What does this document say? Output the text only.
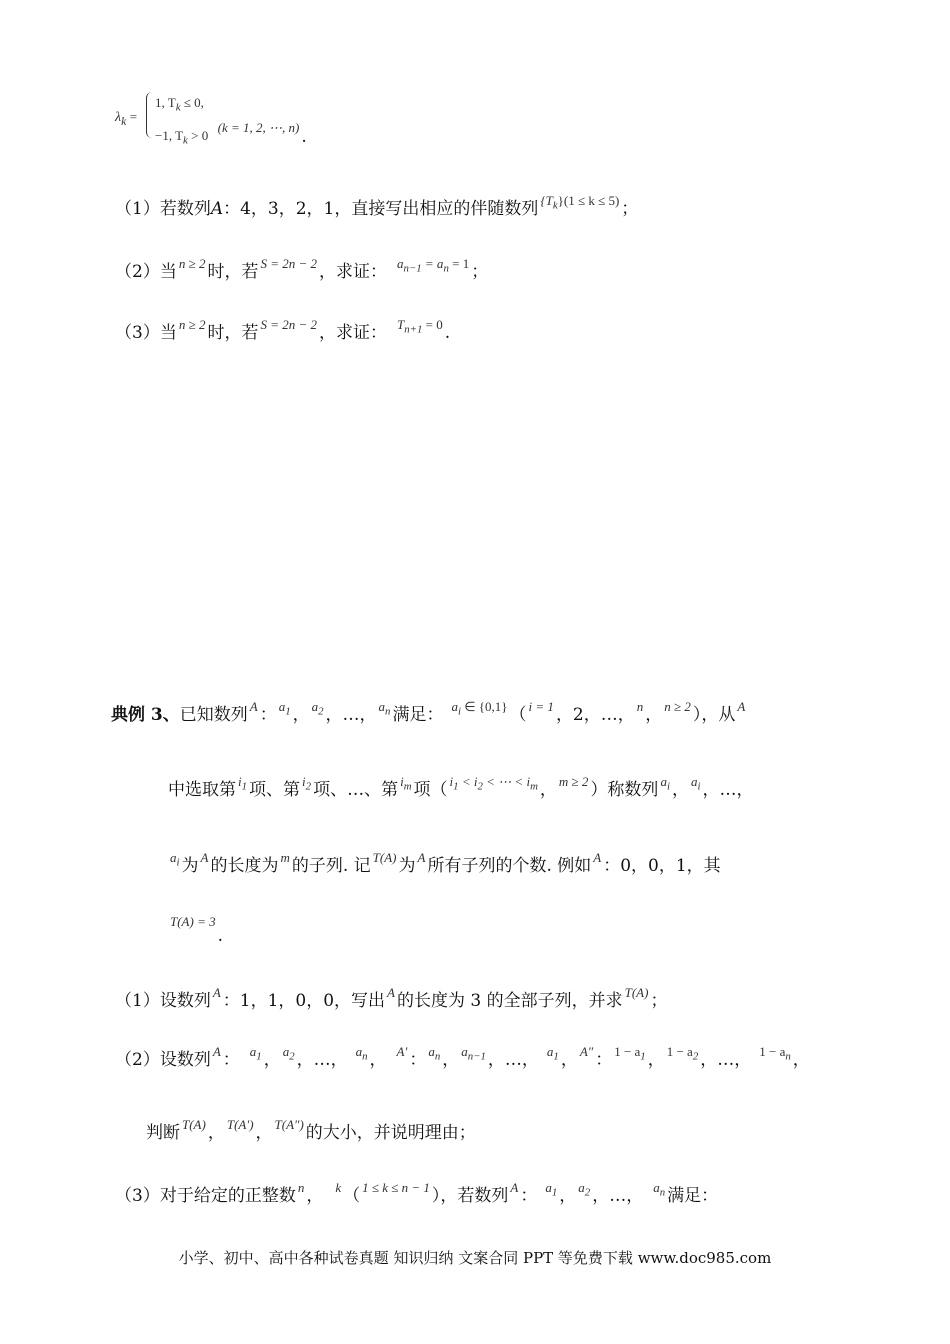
$\lambda_k$ =
1, $T_k \le 0$,
−1, $T_k > 0$ (k = 1, 2, ⋯, n) .
（1）若数列A：4，3，2，1，直接写出相应的伴随数列 $\{T_k\}(1 \le k \le 5)$ ；
（2）当 n ≥ 2 时，若 S = 2n − 2 ，求证： $a_{n-1} = a_n = 1$ ；
（3）当 n ≥ 2 时，若 S = 2n − 2 ，求证： $T_{n+1} = 0$ .
典例 3、已知数列 A ： $a_1$ ， $a_2$ ，…， $a_n$ 满足： $a_i$ ∈ {0,1} （ i = 1 ，2，…， n ， n ≥ 2 ），从 A
中选取第 $i_1$ 项、第 $i_2$ 项、…、第 $i_m$ 项（ $i_1 < i_2$ < ⋯ < $i_m$ ， m ≥ 2 ）称数列 $a_i$ ， $a_i$ ，…，
$a_i$ 为 A 的长度为 m 的子列. 记 T(A) 为 A 所有子列的个数. 例如 A ：0，0，1，其
T(A) = 3.
（1）设数列 A ：1，1，0，0，写出 A 的长度为 3 的全部子列，并求 T(A) ；
（2）设数列 A ： $a_1$ ， $a_2$ ，…， $a_n$ ， A′ ： $a_n$ ， $a_{n-1}$ ，…， $a_1$ ， A″ ： $1 - a_1$ ， $1 - a_2$ ，…， $1 - a_n$ ，
判断 T(A) ， T(A′) ， T(A″) 的大小，并说明理由；
（3）对于给定的正整数 n ， k （ 1 ≤ k ≤ n − 1 ），若数列 A ： $a_1$ ， $a_2$ ，…， $a_n$ 满足：
小学、初中、高中各种试卷真题 知识归纳 文案合同 PPT 等免费下载 www.doc985.com
